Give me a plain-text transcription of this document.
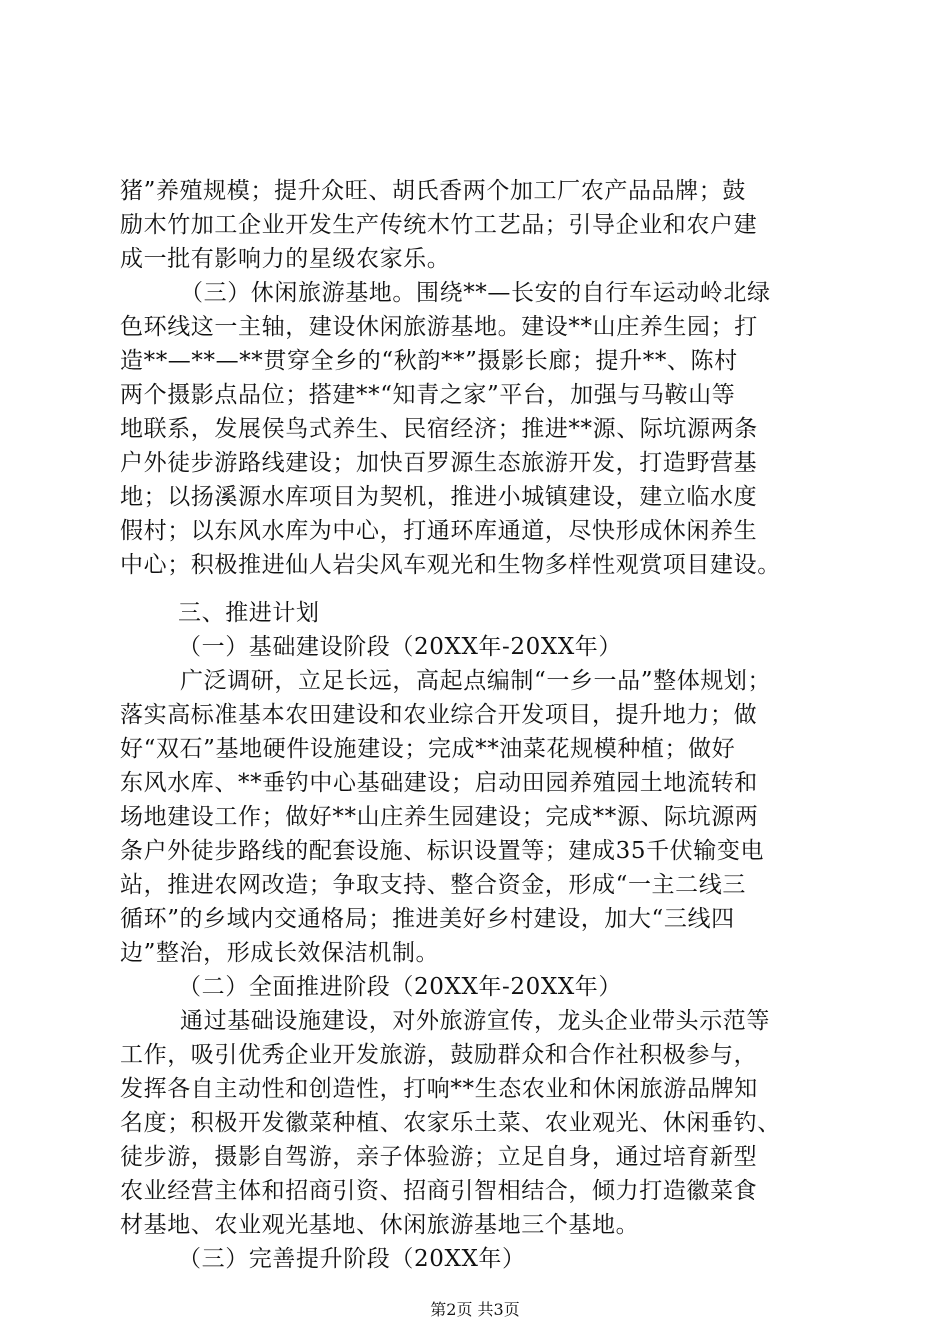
猪”养殖规模；提升众旺、胡氏香两个加工厂农产品品牌；鼓
励木竹加工企业开发生产传统木竹工艺品；引导企业和农户建
成一批有影响力的星级农家乐。
（三）休闲旅游基地。围绕**—长安的自行车运动岭北绿
色环线这一主轴，建设休闲旅游基地。建设**山庄养生园；打
造**—**—**贯穿全乡的“秋韵**”摄影长廊；提升**、陈村
两个摄影点品位；搭建**“知青之家”平台，加强与马鞍山等
地联系，发展侯鸟式养生、民宿经济；推进**源、际坑源两条
户外徒步游路线建设；加快百罗源生态旅游开发，打造野营基
地；以扬溪源水库项目为契机，推进小城镇建设，建立临水度
假村；以东风水库为中心，打通环库通道，尽快形成休闲养生
中心；积极推进仙人岩尖风车观光和生物多样性观赏项目建设。
三、推进计划
（一）基础建设阶段（20XX年-20XX年）
广泛调研，立足长远，高起点编制“一乡一品”整体规划；
落实高标准基本农田建设和农业综合开发项目，提升地力；做
好“双石”基地硬件设施建设；完成**油菜花规模种植；做好
东风水库、**垂钓中心基础建设；启动田园养殖园土地流转和
场地建设工作；做好**山庄养生园建设；完成**源、际坑源两
条户外徒步路线的配套设施、标识设置等；建成35千伏输变电
站，推进农网改造；争取支持、整合资金，形成“一主二线三
循环”的乡域内交通格局；推进美好乡村建设，加大“三线四
边”整治，形成长效保洁机制。
（二）全面推进阶段（20XX年-20XX年）
通过基础设施建设，对外旅游宣传，龙头企业带头示范等
工作，吸引优秀企业开发旅游，鼓励群众和合作社积极参与，
发挥各自主动性和创造性，打响**生态农业和休闲旅游品牌知
名度；积极开发徽菜种植、农家乐土菜、农业观光、休闲垂钓、
徒步游，摄影自驾游，亲子体验游；立足自身，通过培育新型
农业经营主体和招商引资、招商引智相结合，倾力打造徽菜食
材基地、农业观光基地、休闲旅游基地三个基地。
（三）完善提升阶段（20XX年）
第2页 共3页
